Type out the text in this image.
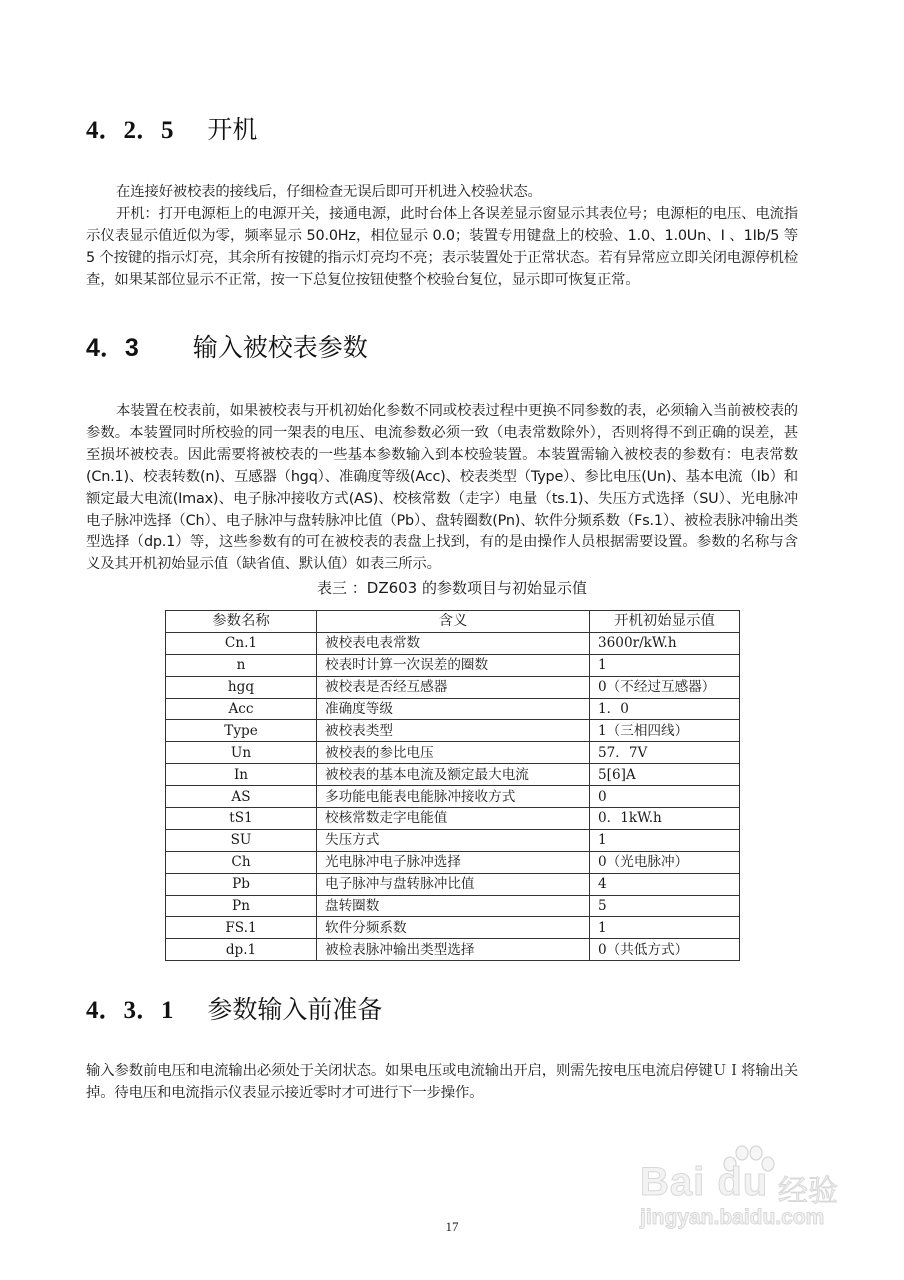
4．2．5 开机

在连接好被校表的接线后，仔细检查无误后即可开机进入校验状态。

开机：打开电源柜上的电源开关，接通电源，此时台体上各误差显示窗显示其表位号；电源柜的电压、电流指示仪表显示值近似为零，频率显示 50.0Hz，相位显示 0.0；装置专用键盘上的校验、1.0、1.0Un、I 、1Ib/5 等 5 个按键的指示灯亮，其余所有按键的指示灯亮均不亮；表示装置处于正常状态。若有异常应立即关闭电源停机检查，如果某部位显示不正常，按一下总复位按钮使整个校验台复位，显示即可恢复正常。

4．3 输入被校表参数

本装置在校表前，如果被校表与开机初始化参数不同或校表过程中更换不同参数的表，必须输入当前被校表的参数。本装置同时所校验的同一架表的电压、电流参数必须一致（电表常数除外），否则将得不到正确的误差，甚至损坏被校表。因此需要将被校表的一些基本参数输入到本校验装置。本装置需输入被校表的参数有：电表常数(Cn.1)、校表转数(n)、互感器（hgq）、准确度等级(Acc)、校表类型（Type）、参比电压(Un)、基本电流（Ib）和额定最大电流(Imax)、电子脉冲接收方式(AS)、校核常数（走字）电量（ts.1)、失压方式选择（SU）、光电脉冲电子脉冲选择（Ch）、电子脉冲与盘转脉冲比值（Pb）、盘转圈数(Pn)、软件分频系数（Fs.1）、被检表脉冲输出类型选择（dp.1）等，这些参数有的可在被校表的表盘上找到，有的是由操作人员根据需要设置。参数的名称与含义及其开机初始显示值（缺省值、默认值）如表三所示。

表三 ：DZ603 的参数项目与初始显示值
参数名称	含义	开机初始显示值
Cn.1	被校表电表常数	3600r/kW.h
n	校表时计算一次误差的圈数	1
hgq	被校表是否经互感器	0（不经过互感器）
Acc	准确度等级	1．0
Type	被校表类型	1（三相四线）
Un	被校表的参比电压	57．7V
In	被校表的基本电流及额定最大电流	5[6]A
AS	多功能电能表电能脉冲接收方式	0
tS1	校核常数走字电能值	0．1kW.h
SU	失压方式	1
Ch	光电脉冲电子脉冲选择	0（光电脉冲）
Pb	电子脉冲与盘转脉冲比值	4
Pn	盘转圈数	5
FS.1	软件分频系数	1
dp.1	被检表脉冲输出类型选择	0（共低方式）
4．3．1 参数输入前准备

输入参数前电压和电流输出必须处于关闭状态。如果电压或电流输出开启，则需先按电压电流启停键ＵＩ将输出关掉。待电压和电流指示仪表显示接近零时才可进行下一步操作。

Bai du 经验
jingyan.baidu.com
17
